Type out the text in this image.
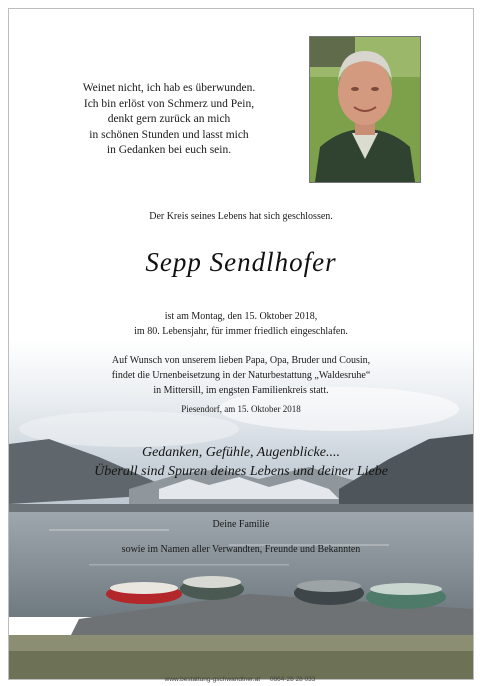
Weinet nicht, ich hab es überwunden.
Ich bin erlöst von Schmerz und Pein,
denkt gern zurück an mich
in schönen Stunden und lasst mich
in Gedanken bei euch sein.
Der Kreis seines Lebens hat sich geschlossen.
Sepp Sendlhofer
ist am Montag, den 15. Oktober 2018,
im 80. Lebensjahr, für immer friedlich eingeschlafen.
Auf Wunsch von unserem lieben Papa, Opa, Bruder und Cousin,
findet die Urnenbeisetzung in der Naturbestattung „Waldesruhe“
in Mittersill, im engsten Familienkreis statt.
Piesendorf, am 15. Oktober 2018
Gedanken, Gefühle, Augenblicke....
Überall sind Spuren deines Lebens und deiner Liebe
Deine Familie
sowie im Namen aller Verwandten, Freunde und Bekannten
www.bestattung-gschwandtner.at 0664-28 28 033
